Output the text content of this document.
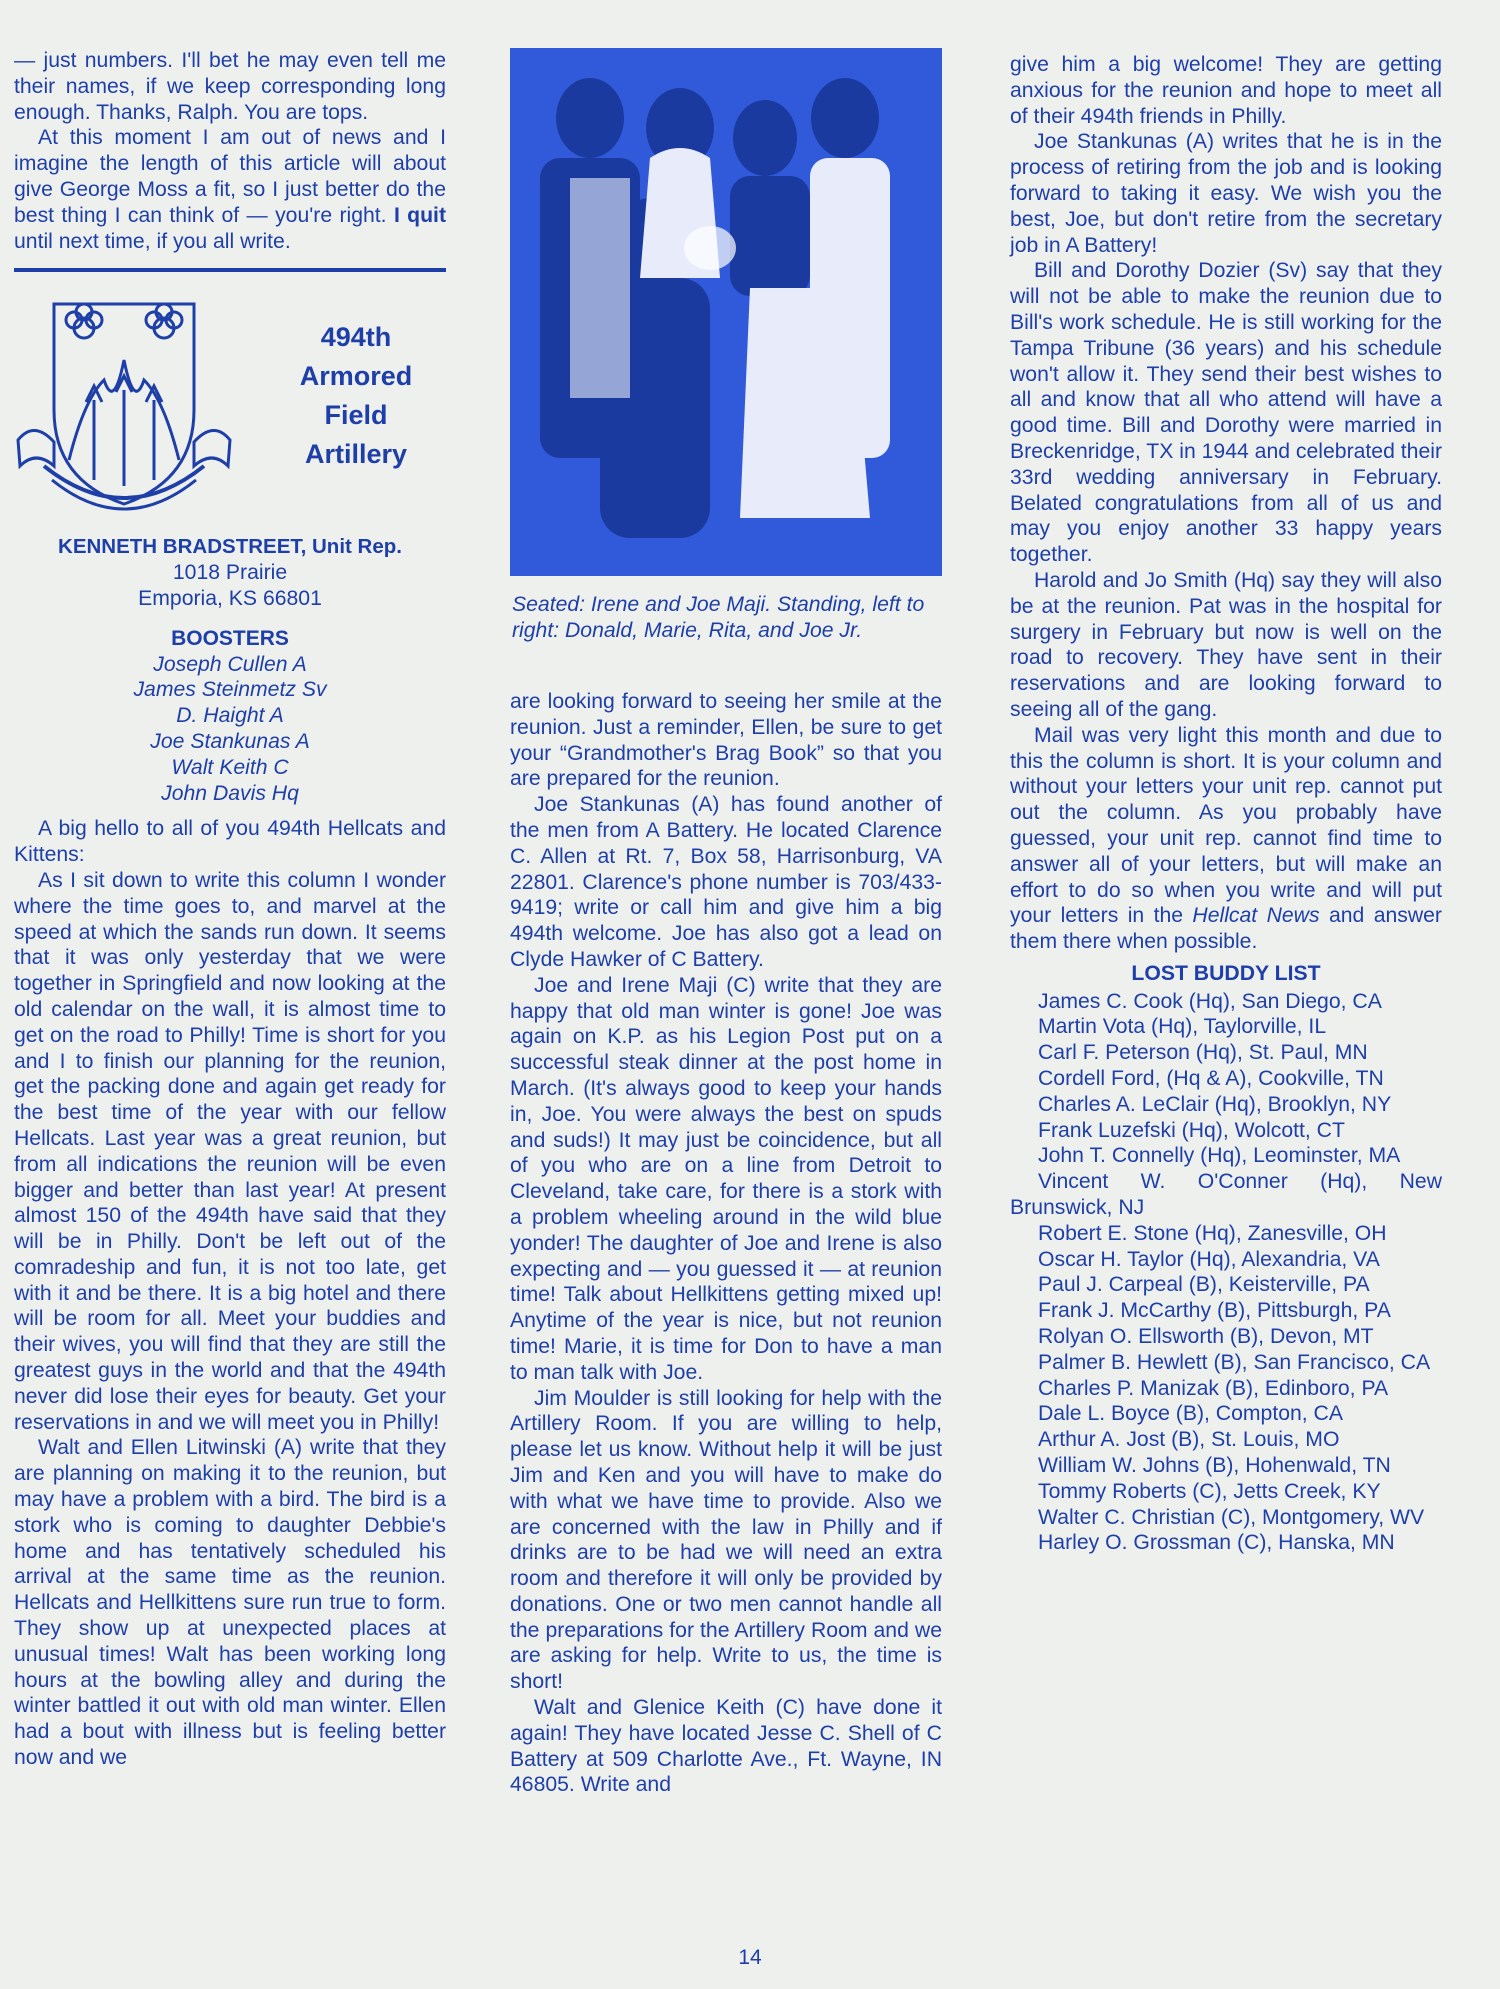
— just numbers. I'll bet he may even tell me their names, if we keep corresponding long enough. Thanks, Ralph. You are tops.

At this moment I am out of news and I imagine the length of this article will about give George Moss a fit, so I just better do the best thing I can think of — you're right. I quit until next time, if you all write.

494th
Armored
Field
Artillery
KENNETH BRADSTREET, Unit Rep.
1018 Prairie
Emporia, KS 66801
BOOSTERS
Joseph Cullen A
James Steinmetz Sv
D. Haight A
Joe Stankunas A
Walt Keith C
John Davis Hq

A big hello to all of you 494th Hellcats and Kittens:

As I sit down to write this column I wonder where the time goes to, and marvel at the speed at which the sands run down. It seems that it was only yesterday that we were together in Springfield and now looking at the old calendar on the wall, it is almost time to get on the road to Philly! Time is short for you and I to finish our planning for the reunion, get the packing done and again get ready for the best time of the year with our fellow Hellcats. Last year was a great reunion, but from all indications the reunion will be even bigger and better than last year! At present almost 150 of the 494th have said that they will be in Philly. Don't be left out of the comradeship and fun, it is not too late, get with it and be there. It is a big hotel and there will be room for all. Meet your buddies and their wives, you will find that they are still the greatest guys in the world and that the 494th never did lose their eyes for beauty. Get your reservations in and we will meet you in Philly!

Walt and Ellen Litwinski (A) write that they are planning on making it to the reunion, but may have a problem with a bird. The bird is a stork who is coming to daughter Debbie's home and has tentatively scheduled his arrival at the same time as the reunion. Hellcats and Hellkittens sure run true to form. They show up at unexpected places at unusual times! Walt has been working long hours at the bowling alley and during the winter battled it out with old man winter. Ellen had a bout with illness but is feeling better now and we

Seated: Irene and Joe Maji. Standing, left to right: Donald, Marie, Rita, and Joe Jr.

are looking forward to seeing her smile at the reunion. Just a reminder, Ellen, be sure to get your “Grandmother's Brag Book” so that you are prepared for the reunion.

Joe Stankunas (A) has found another of the men from A Battery. He located Clarence C. Allen at Rt. 7, Box 58, Harrisonburg, VA 22801. Clarence's phone number is 703/433-9419; write or call him and give him a big 494th welcome. Joe has also got a lead on Clyde Hawker of C Battery.

Joe and Irene Maji (C) write that they are happy that old man winter is gone! Joe was again on K.P. as his Legion Post put on a successful steak dinner at the post home in March. (It's always good to keep your hands in, Joe. You were always the best on spuds and suds!) It may just be coincidence, but all of you who are on a line from Detroit to Cleveland, take care, for there is a stork with a problem wheeling around in the wild blue yonder! The daughter of Joe and Irene is also expecting and — you guessed it — at reunion time! Talk about Hellkittens getting mixed up! Anytime of the year is nice, but not reunion time! Marie, it is time for Don to have a man to man talk with Joe.

Jim Moulder is still looking for help with the Artillery Room. If you are willing to help, please let us know. Without help it will be just Jim and Ken and you will have to make do with what we have time to provide. Also we are concerned with the law in Philly and if drinks are to be had we will need an extra room and therefore it will only be provided by donations. One or two men cannot handle all the preparations for the Artillery Room and we are asking for help. Write to us, the time is short!

Walt and Glenice Keith (C) have done it again! They have located Jesse C. Shell of C Battery at 509 Charlotte Ave., Ft. Wayne, IN 46805. Write and

give him a big welcome! They are getting anxious for the reunion and hope to meet all of their 494th friends in Philly.

Joe Stankunas (A) writes that he is in the process of retiring from the job and is looking forward to taking it easy. We wish you the best, Joe, but don't retire from the secretary job in A Battery!

Bill and Dorothy Dozier (Sv) say that they will not be able to make the reunion due to Bill's work schedule. He is still working for the Tampa Tribune (36 years) and his schedule won't allow it. They send their best wishes to all and know that all who attend will have a good time. Bill and Dorothy were married in Breckenridge, TX in 1944 and celebrated their 33rd wedding anniversary in February. Belated congratulations from all of us and may you enjoy another 33 happy years together.

Harold and Jo Smith (Hq) say they will also be at the reunion. Pat was in the hospital for surgery in February but now is well on the road to recovery. They have sent in their reservations and are looking forward to seeing all of the gang.

Mail was very light this month and due to this the column is short. It is your column and without your letters your unit rep. cannot put out the column. As you probably have guessed, your unit rep. cannot find time to answer all of your letters, but will make an effort to do so when you write and will put your letters in the Hellcat News and answer them there when possible.

LOST BUDDY LIST
James C. Cook (Hq), San Diego, CA
Martin Vota (Hq), Taylorville, IL
Carl F. Peterson (Hq), St. Paul, MN
Cordell Ford, (Hq & A), Cookville, TN
Charles A. LeClair (Hq), Brooklyn, NY
Frank Luzefski (Hq), Wolcott, CT
John T. Connelly (Hq), Leominster, MA
Vincent W. O'Conner (Hq), New Brunswick, NJ
Robert E. Stone (Hq), Zanesville, OH
Oscar H. Taylor (Hq), Alexandria, VA
Paul J. Carpeal (B), Keisterville, PA
Frank J. McCarthy (B), Pittsburgh, PA
Rolyan O. Ellsworth (B), Devon, MT
Palmer B. Hewlett (B), San Francisco, CA
Charles P. Manizak (B), Edinboro, PA
Dale L. Boyce (B), Compton, CA
Arthur A. Jost (B), St. Louis, MO
William W. Johns (B), Hohenwald, TN
Tommy Roberts (C), Jetts Creek, KY
Walter C. Christian (C), Montgomery, WV
Harley O. Grossman (C), Hanska, MN
14
